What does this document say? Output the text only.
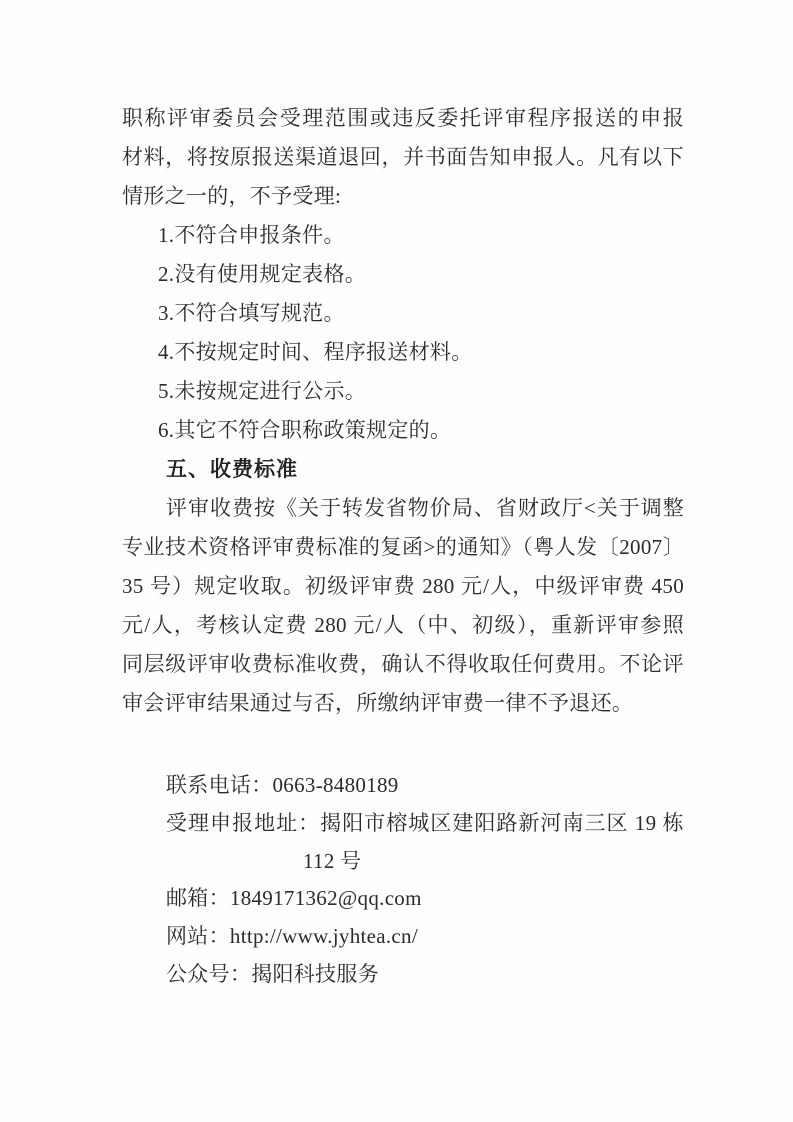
职称评审委员会受理范围或违反委托评审程序报送的申报
材料，将按原报送渠道退回，并书面告知申报人。凡有以下
情形之一的，不予受理:
1.不符合申报条件。
2.没有使用规定表格。
3.不符合填写规范。
4.不按规定时间、程序报送材料。
5.未按规定进行公示。
6.其它不符合职称政策规定的。
五、收费标准
评审收费按《关于转发省物价局、省财政厅<关于调整
专业技术资格评审费标准的复函>的通知》（粤人发〔2007〕
35 号）规定收取。初级评审费 280 元/人，中级评审费 450
元/人，考核认定费 280 元/人（中、初级），重新评审参照
同层级评审收费标准收费，确认不得收取任何费用。不论评
审会评审结果通过与否，所缴纳评审费一律不予退还。
联系电话：0663-8480189
受理申报地址：揭阳市榕城区建阳路新河南三区 19 栋
112 号
邮箱：1849171362@qq.com
网站：http://www.jyhtea.cn/
公众号：揭阳科技服务
